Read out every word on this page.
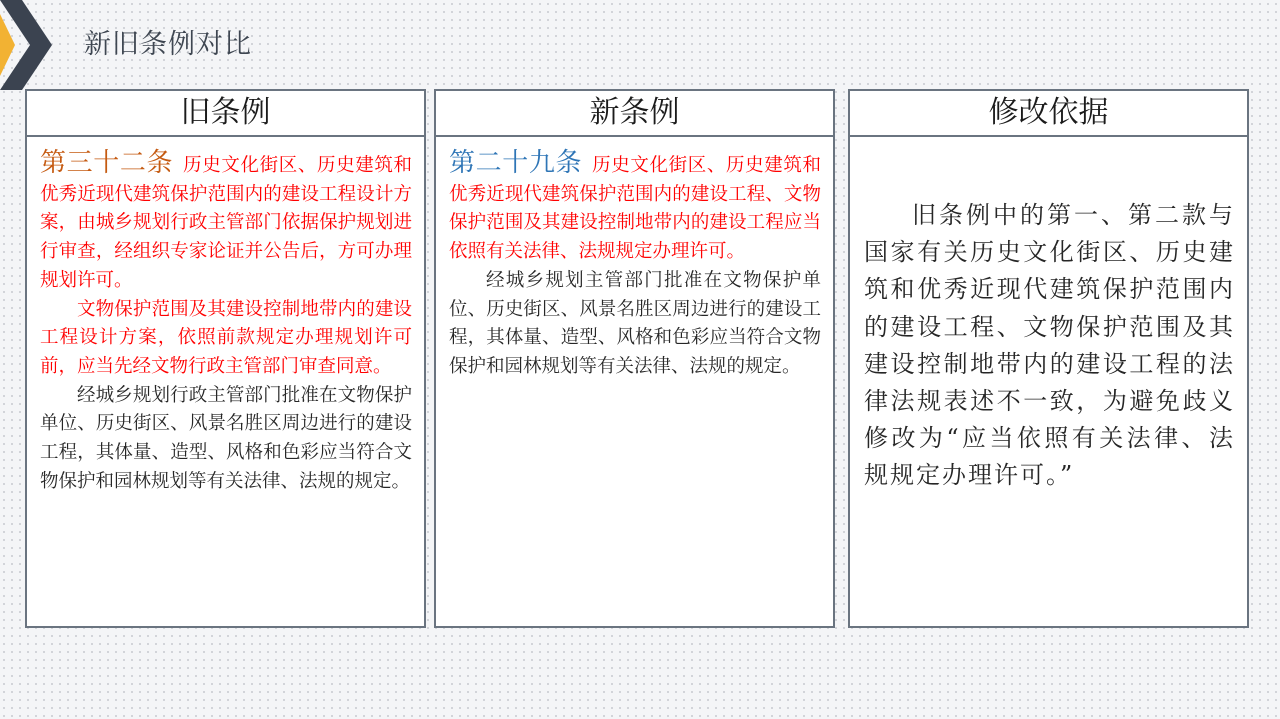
新旧条例对比
旧条例

第三十二条 历史文化街区、历史建筑和优秀近现代建筑保护范围内的建设工程设计方案，由城乡规划行政主管部门依据保护规划进行审查，经组织专家论证并公告后，方可办理规划许可。

文物保护范围及其建设控制地带内的建设工程设计方案，依照前款规定办理规划许可前，应当先经文物行政主管部门审查同意。

经城乡规划行政主管部门批准在文物保护单位、历史街区、风景名胜区周边进行的建设工程，其体量、造型、风格和色彩应当符合文物保护和园林规划等有关法律、法规的规定。

新条例

第二十九条 历史文化街区、历史建筑和优秀近现代建筑保护范围内的建设工程、文物保护范围及其建设控制地带内的建设工程应当依照有关法律、法规规定办理许可。

经城乡规划主管部门批准在文物保护单位、历史街区、风景名胜区周边进行的建设工程，其体量、造型、风格和色彩应当符合文物保护和园林规划等有关法律、法规的规定。

修改依据

旧条例中的第一、第二款与国家有关历史文化街区、历史建筑和优秀近现代建筑保护范围内的建设工程、文物保护范围及其建设控制地带内的建设工程的法律法规表述不一致，为避免歧义修改为“应当依照有关法律、法规规定办理许可。”
